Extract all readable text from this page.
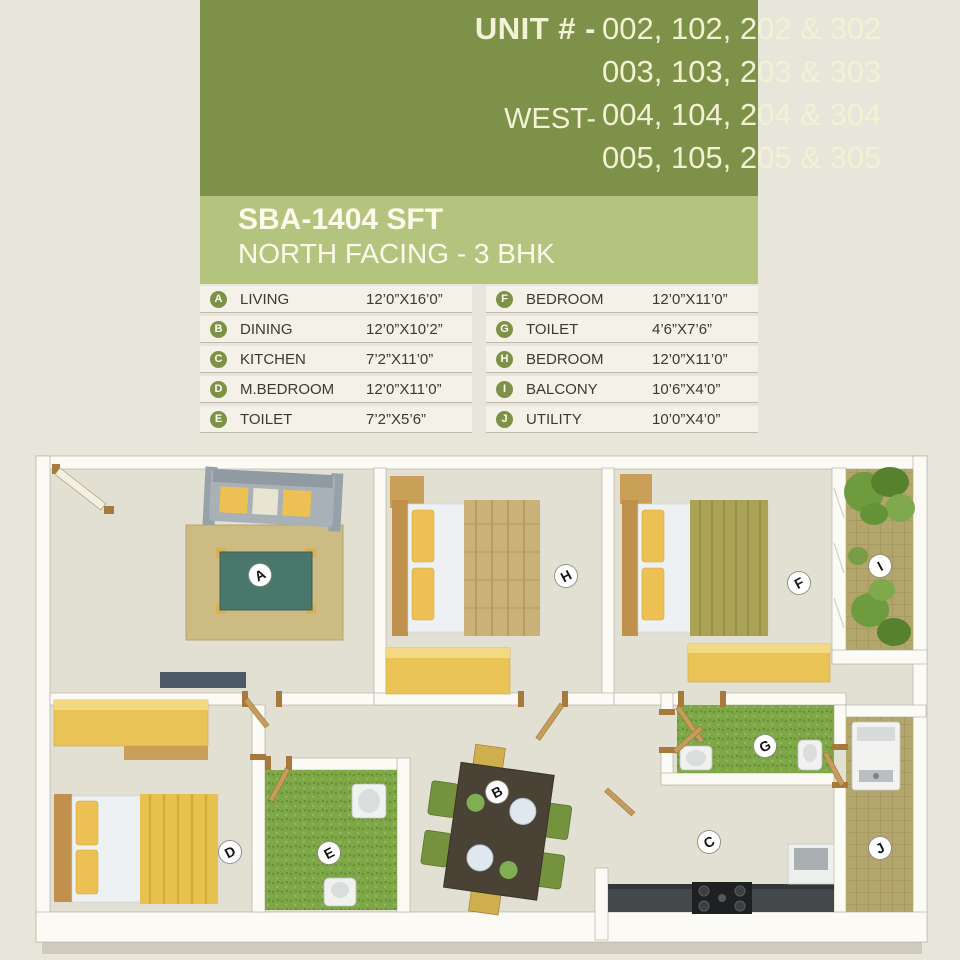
UNIT # -
WEST-
002, 102, 202 & 302
003, 103, 203 & 303
004, 104, 204 & 304
005, 105, 205 & 305
SBA-1404 SFT
NORTH FACING - 3 BHK
A	LIVING	12’0”X16’0”
B	DINING	12’0”X10’2”
C	KITCHEN	7’2”X11’0”
D	M.BEDROOM	12’0”X11’0”
E	TOILET	7’2”X5’6”
F	BEDROOM	12’0”X11’0”
G TOILET	4’6”X7’6”
H	BEDROOM	12’0”X11’0”
I	BALCONY	10’6”X4’0”
J	UTILITY	10’0”X4’0”
A	H	F
I
D	E
B
G
C	J
